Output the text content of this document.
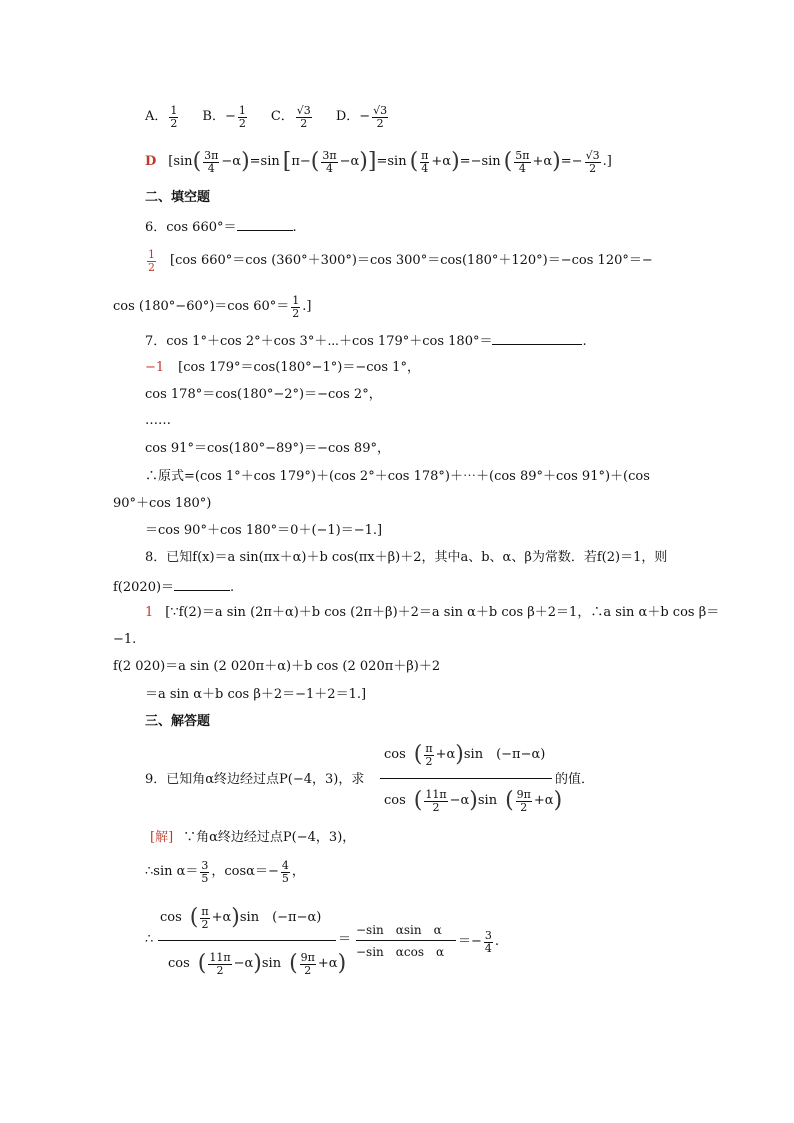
A． $\frac{1}{2}$ B．− $\frac{1}{2}$ C． $\frac{√3}{2}$ D．− $\frac{√3}{2}$
D [sin ( $\frac{3\pi}{4} -\alpha$ ) =sin [ π− ( $\frac{3\pi}{4} -\alpha$ )] =sin ( $\frac{\pi}{4} +\alpha$ ) =−sin ( $\frac{5\pi}{4} +\alpha$ ) =− $\frac{√3}{2}$ .]
二、填空题
6．cos 660°＝	.
$\frac{1}{2} [\cos$ 660°＝cos (360°＋300°)＝cos 300°＝cos(180°＋120°)＝−cos 120°＝−
cos (180°−60°)＝cos $60^\circ= \frac{1}{2}$ .]
7．cos 1°＋cos 2°＋cos 3°＋⋯＋cos 179°＋cos 180°＝	.
−1 [cos 179°＝cos(180°−1°)＝−cos 1°，
cos 178°＝cos(180°−2°)＝−cos 2°，
……
cos 91°＝cos(180°−89°)＝−cos 89°，
∴原式=(cos 1°＋cos 179°)＋(cos 2°＋cos 178°)＋⋯＋(cos 89°＋cos 91°)＋(cos
90°＋cos 180°)
＝cos 90°＋cos 180°＝0＋(−1)＝−1.]
8．已知f(x)＝a sin(πx＋α)＋b cos(πx＋β)＋2，其中a、b、α、β为常数．若f(2)＝1，则
f(2020)＝	.
1 [∵f(2)＝a sin (2π＋α)＋b cos (2π＋β)＋2＝a sin α＋b cos β＋2＝1，∴a sin α＋b cos β＝
−1.
f(2 020)＝a sin (2 020π＋α)＋b cos (2 020π＋β)＋2
＝a sin α＋b cos β＋2＝−1＋2＝1.]
三、解答题
9．已知角α终边经过点P(−4，3)，求
cos ( $\frac{\pi}{2} +\alpha$ ) sin　(−π−α)
cos ( $\frac{11\pi}{2} -\alpha$ ) sin ( $\frac{9\pi}{2} +\alpha$ )
的值．
[解] ∵角α终边经过点P(−4，3)，
∴sin $\alpha= \frac{3}{5}$ ，$\cos\alpha=- \frac{4}{5}$ ，
∴
cos ( $\frac{\pi}{2} +\alpha$ ) sin　(−π−α)
cos ( $\frac{11\pi}{2} -\alpha$ ) sin ( $\frac{9\pi}{2} +\alpha$ )
＝
−sin　αsin　α
−sin　αcos　α
＝− $\frac{3}{4}$ .
